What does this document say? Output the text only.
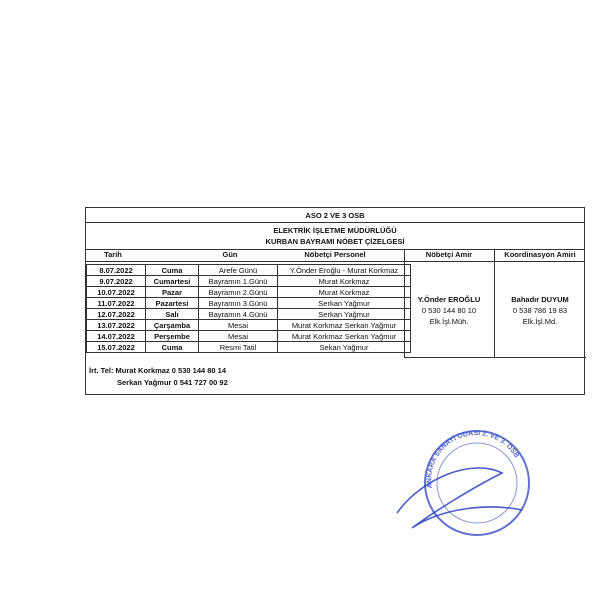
ASO 2 VE 3 OSB
ELEKTRİK İŞLETME MÜDÜRLÜĞÜ
KURBAN BAYRAMI NÖBET ÇİZELGESİ
Tarih	Gün	Nöbetçi Personel	Nöbetçi Amir	Koordinasyon Amiri
8.07.2022	Cuma	Arefe Günü	Y.Önder Eroğlu - Murat Korkmaz
9.07.2022	Cumartesi	Bayramın 1.Günü	Murat Korkmaz
10.07.2022	Pazar	Bayramın 2.Günü	Murat Korkmaz
11.07.2022	Pazartesi	Bayramın 3.Günü	Serkan Yağmur
12.07.2022	Salı	Bayramın 4.Günü	Serkan Yağmur
13.07.2022	Çarşamba	Mesai	Murat Korkmaz Serkan Yağmur
14.07.2022	Perşembe	Mesai	Murat Korkmaz Serkan Yağmur
15.07.2022	Cuma	Resmi Tatil	Sekan Yağmur
Y.Önder EROĞLU
0 530 144 80 10
Elk.İşl.Müh.
Bahadır DUYUM
0 538 786 19 83
Elk.İşl.Md.
İrt. Tel: Murat Korkmaz 0 530 144 80 14
Serkan Yağmur 0 541 727 00 92
ANKARA SANAYİ ODASI 2. VE 3. OSB
